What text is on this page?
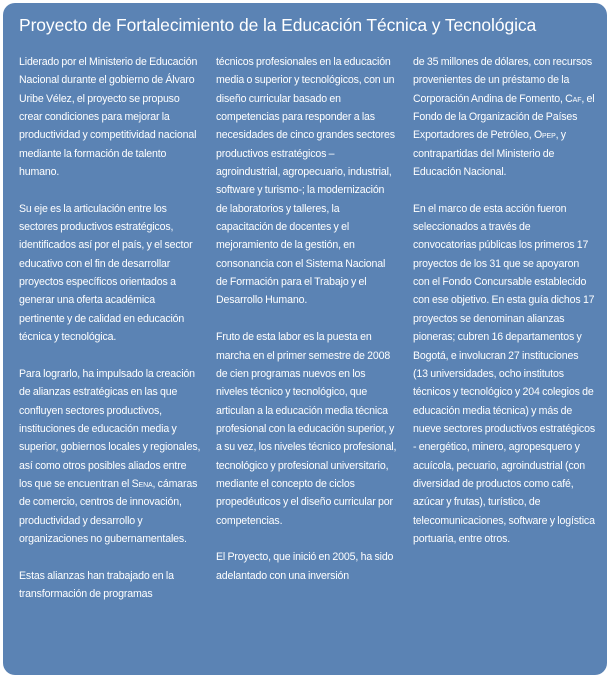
Proyecto de Fortalecimiento de la Educación Técnica y Tecnológica

Liderado por el Ministerio de Educación Nacional durante el gobierno de Álvaro Uribe Vélez, el proyecto se propuso crear condiciones para mejorar la productividad y competitividad nacional mediante la formación de talento humano.

Su eje es la articulación entre los sectores productivos estratégicos, identificados así por el país, y el sector educativo con el fin de desarrollar proyectos específicos orientados a generar una oferta académica pertinente y de calidad en educación técnica y tecnológica.

Para lograrlo, ha impulsado la creación de alianzas estratégicas en las que confluyen sectores productivos, instituciones de educación media y superior, gobiernos locales y regionales, así como otros posibles aliados entre los que se encuentran el Sena, cámaras de comercio, centros de innovación, productividad y desarrollo y organizaciones no gubernamentales.

Estas alianzas han trabajado en la transformación de programas

técnicos profesionales en la educación media o superior y tecnológicos, con un diseño curricular basado en competencias para responder a las necesidades de cinco grandes sectores productivos estratégicos – agroindustrial, agropecuario, industrial, software y turismo-; la modernización de laboratorios y talleres, la capacitación de docentes y el mejoramiento de la gestión, en consonancia con el Sistema Nacional de Formación para el Trabajo y el Desarrollo Humano.

Fruto de esta labor es la puesta en marcha en el primer semestre de 2008 de cien programas nuevos en los niveles técnico y tecnológico, que articulan a la educación media técnica profesional con la educación superior, y a su vez, los niveles técnico profesional, tecnológico y profesional universitario, mediante el concepto de ciclos propedéuticos y el diseño curricular por competencias.

El Proyecto, que inició en 2005, ha sido adelantado con una inversión

de 35 millones de dólares, con recursos provenientes de un préstamo de la Corporación Andina de Fomento, Caf, el Fondo de la Organización de Países Exportadores de Petróleo, Opep, y contrapartidas del Ministerio de Educación Nacional.

En el marco de esta acción fueron seleccionados a través de convocatorias públicas los primeros 17 proyectos de los 31 que se apoyaron con el Fondo Concursable establecido con ese objetivo. En esta guía dichos 17 proyectos se denominan alianzas pioneras; cubren 16 departamentos y Bogotá, e involucran 27 instituciones (13 universidades, ocho institutos técnicos y tecnológico y 204 colegios de educación media técnica) y más de nueve sectores productivos estratégicos - energético, minero, agropesquero y acuícola, pecuario, agroindustrial (con diversidad de productos como café, azúcar y frutas), turístico, de telecomunicaciones, software y logística portuaria, entre otros.
